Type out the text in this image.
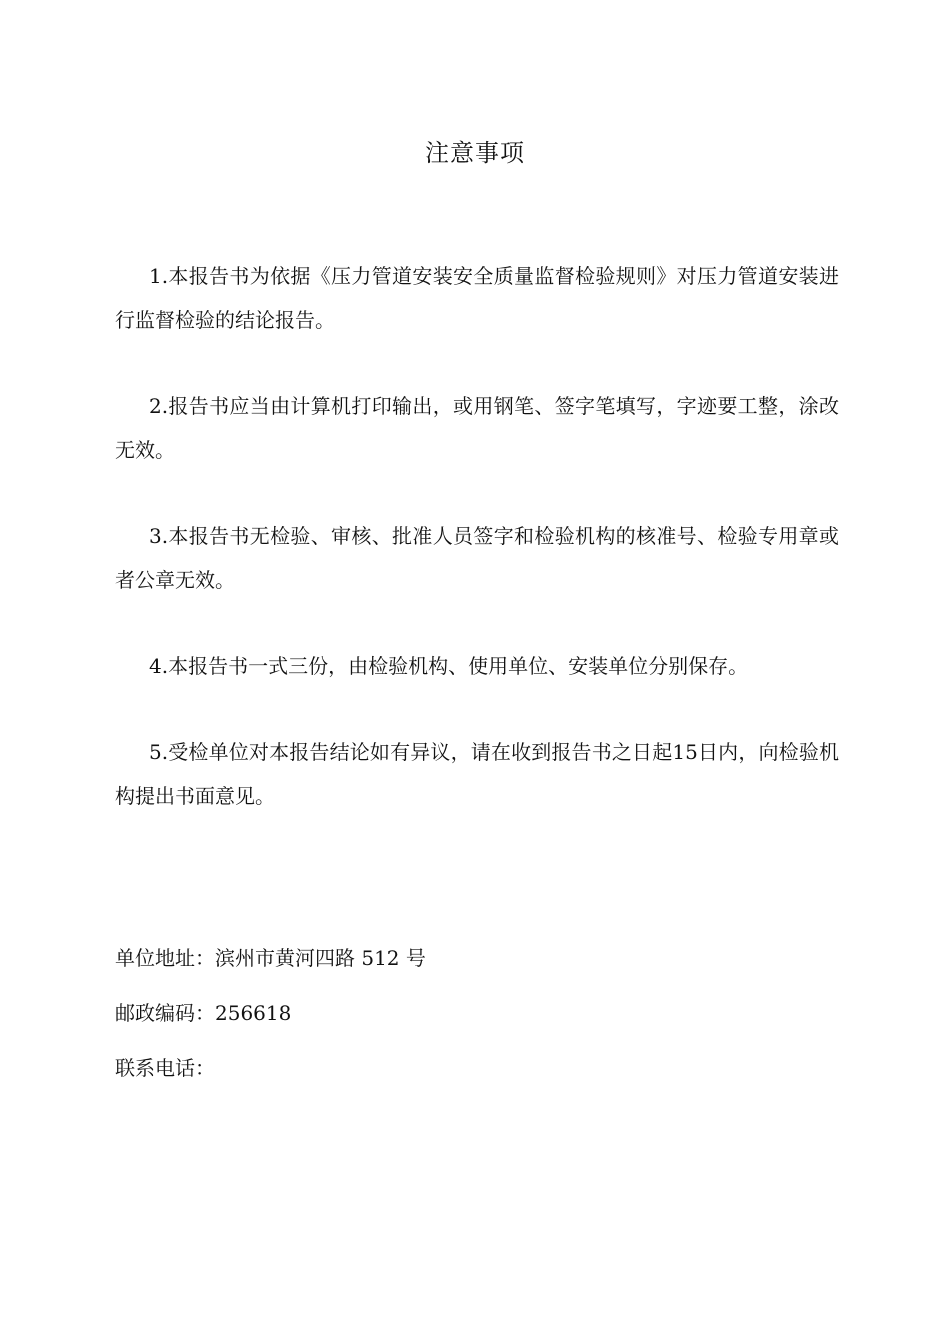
注意事项

1.本报告书为依据《压力管道安装安全质量监督检验规则》对压力管道安装进行监督检验的结论报告。

2.报告书应当由计算机打印输出，或用钢笔、签字笔填写，字迹要工整，涂改无效。

3.本报告书无检验、审核、批准人员签字和检验机构的核准号、检验专用章或者公章无效。

4.本报告书一式三份，由检验机构、使用单位、安装单位分别保存。

5.受检单位对本报告结论如有异议，请在收到报告书之日起15日内，向检验机构提出书面意见。

单位地址：滨州市黄河四路 512 号
邮政编码：256618
联系电话：
